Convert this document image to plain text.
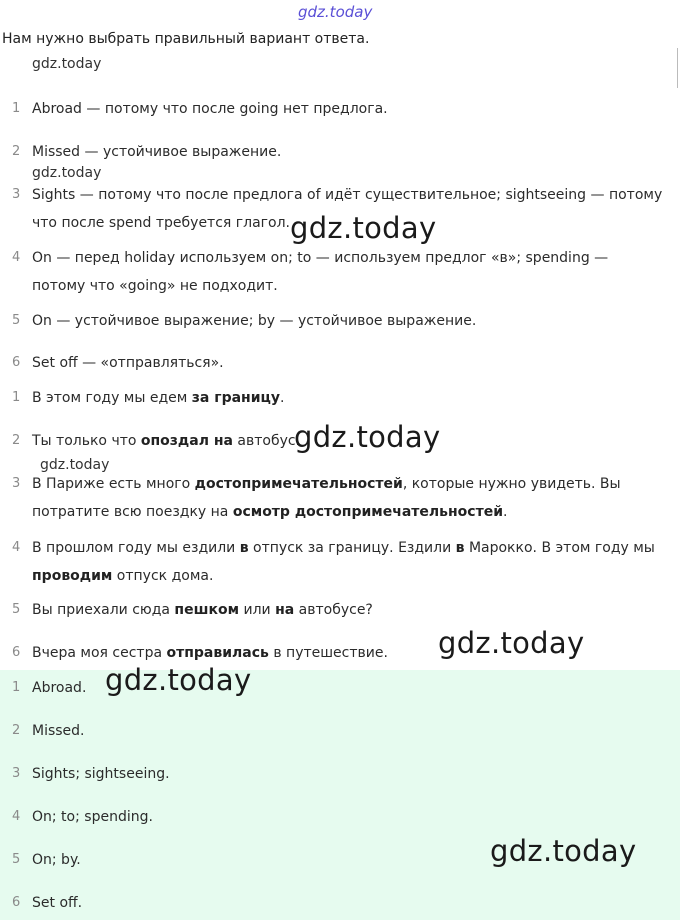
gdz.today
Нам нужно выбрать правильный вариант ответа.
gdz.today
1 Abroad — потому что после going нет предлога.
2 Missed — устойчивое выражение.
gdz.today
3 Sights — потому что после предлога of идёт существительное; sightseeing — потому
что после spend требуется глагол. gdz.today
4 On — перед holiday используем on; to — используем предлог «в»; spending —
потому что «going» не подходит.
5 On — устойчивое выражение; by — устойчивое выражение.
6 Set off — «отправляться».
1 В этом году мы едем за границу.
2 Ты только что опоздал на автобус.
gdz.today
gdz.today
3 В Париже есть много достопримечательностей, которые нужно увидеть. Вы
потратите всю поездку на осмотр достопримечательностей.
4 В прошлом году мы ездили в отпуск за границу. Ездили в Марокко. В этом году мы
проводим отпуск дома.
5 Вы приехали сюда пешком или на автобусе?
6 Вчера моя сестра отправилась в путешествие.	gdz.today
1 Abroad. gdz.today
2 Missed.
3 Sights; sightseeing.
4 On; to; spending.
5 On; by.	gdz.today
6 Set off.
